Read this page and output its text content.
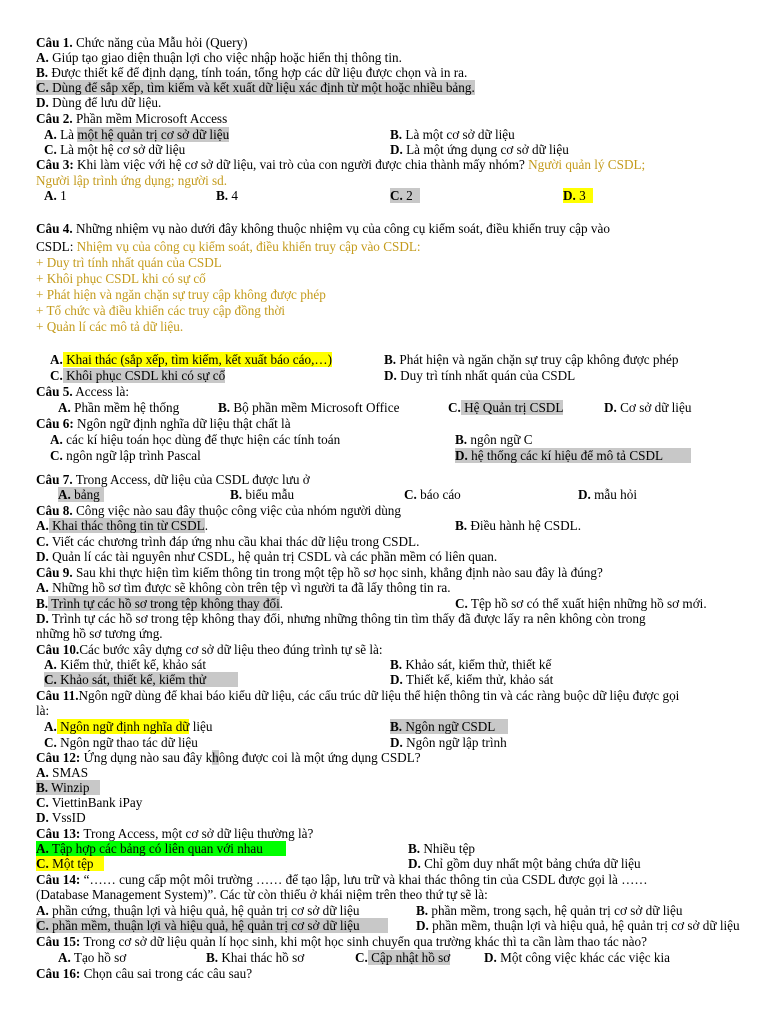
Câu 1. Chức năng của Mẫu hỏi (Query)
A. Giúp tạo giao diện thuận lợi cho việc nhập hoặc hiển thị thông tin.
B. Được thiết kế để định dạng, tính toán, tổng hợp các dữ liệu được chọn và in ra.
C. Dùng để sắp xếp, tìm kiếm và kết xuất dữ liệu xác định từ một hoặc nhiều bảng.
D. Dùng để lưu dữ liệu.
Câu 2. Phần mềm Microsoft Access
A. Là một hệ quản trị cơ sở dữ liệu	B. Là một cơ sở dữ liệu
C. Là một hệ cơ sở dữ liệu	D. Là một ứng dụng cơ sở dữ liệu
Câu 3: Khi làm việc với hệ cơ sở dữ liệu, vai trò của con người được chia thành mấy nhóm? Người quản lý CSDL;
Người lập trình ứng dụng; người sd.
A. 1	B. 4	C. 2	D. 3
Câu 4. Những nhiệm vụ nào dưới đây không thuộc nhiệm vụ của công cụ kiểm soát, điều khiển truy cập vào
CSDL: Nhiệm vụ của công cụ kiểm soát, điều khiển truy cập vào CSDL:
+ Duy trì tính nhất quán của CSDL
+ Khôi phục CSDL khi có sự cố
+ Phát hiện và ngăn chặn sự truy cập không được phép
+ Tổ chức và điều khiển các truy cập đồng thời
+ Quản lí các mô tả dữ liệu.
A. Khai thác (sắp xếp, tìm kiếm, kết xuất báo cáo,…)	B. Phát hiện và ngăn chặn sự truy cập không được phép
C. Khôi phục CSDL khi có sự cố	D. Duy trì tính nhất quán của CSDL
Câu 5. Access là:
A. Phần mềm hệ thống	B. Bộ phần mềm Microsoft Office	C. Hệ Quản trị CSDL	D. Cơ sở dữ liệu
Câu 6: Ngôn ngữ định nghĩa dữ liệu thật chất là
A. các kí hiệu toán học dùng để thực hiện các tính toán	B. ngôn ngữ C
C. ngôn ngữ lập trình Pascal	D. hệ thống các kí hiệu để mô tả CSDL
Câu 7. Trong Access, dữ liệu của CSDL được lưu ở
A. bảng	B. biểu mẫu	C. báo cáo	D. mẫu hỏi
Câu 8. Công việc nào sau đây thuộc công việc của nhóm người dùng
A. Khai thác thông tin từ CSDL.	B. Điều hành hệ CSDL.
C. Viết các chương trình đáp ứng nhu cầu khai thác dữ liệu trong CSDL.
D. Quản lí các tài nguyên như CSDL, hệ quản trị CSDL và các phần mềm có liên quan.
Câu 9. Sau khi thực hiện tìm kiếm thông tin trong một tệp hồ sơ học sinh, khẳng định nào sau đây là đúng?
A. Những hồ sơ tìm được sẽ không còn trên tệp vì người ta đã lấy thông tin ra.
B. Trình tự các hồ sơ trong tệp không thay đổi.	C. Tệp hồ sơ có thể xuất hiện những hồ sơ mới.
D. Trình tự các hồ sơ trong tệp không thay đổi, nhưng những thông tin tìm thấy đã được lấy ra nên không còn trong
những hồ sơ tương ứng.
Câu 10.Các bước xây dựng cơ sở dữ liệu theo đúng trình tự sẽ là:
A. Kiểm thử, thiết kế, khảo sát	B. Khảo sát, kiểm thử, thiết kế
C. Khảo sát, thiết kế, kiểm thử	D. Thiết kế, kiểm thử, khảo sát
Câu 11.Ngôn ngữ dùng để khai báo kiểu dữ liệu, các cấu trúc dữ liệu thể hiện thông tin và các ràng buộc dữ liệu được gọi
là:
A. Ngôn ngữ định nghĩa dữ liệu	B. Ngôn ngữ CSDL
C. Ngôn ngữ thao tác dữ liệu	D. Ngôn ngữ lập trình
Câu 12: Ứng dụng nào sau đây không được coi là một ứng dụng CSDL?
A. SMAS
B. Winzip
C. ViettinBank iPay
D. VssID
Câu 13: Trong Access, một cơ sở dữ liệu thường là?
A. Tập hợp các bảng có liên quan với nhau	B. Nhiều tệp
C. Một tệp	D. Chỉ gồm duy nhất một bảng chứa dữ liệu
Câu 14: “…… cung cấp một môi trường …… để tạo lập, lưu trữ và khai thác thông tin của CSDL được gọi là ……
(Database Management System)”. Các từ còn thiếu ở khái niệm trên theo thứ tự sẽ là:
A. phần cứng, thuận lợi và hiệu quả, hệ quản trị cơ sở dữ liệu	B. phần mềm, trong sạch, hệ quản trị cơ sở dữ liệu
C. phần mềm, thuận lợi và hiệu quả, hệ quản trị cơ sở dữ liệu	D. phần mềm, thuận lợi và hiệu quả, hệ quản trị cơ sở dữ liệu
Câu 15: Trong cơ sở dữ liệu quản lí học sinh, khi một học sinh chuyển qua trường khác thì ta cần làm thao tác nào?
A. Tạo hồ sơ	B. Khai thác hồ sơ	C. Cập nhật hồ sơ	D. Một công việc khác các việc kia
Câu 16: Chọn câu sai trong các câu sau?
